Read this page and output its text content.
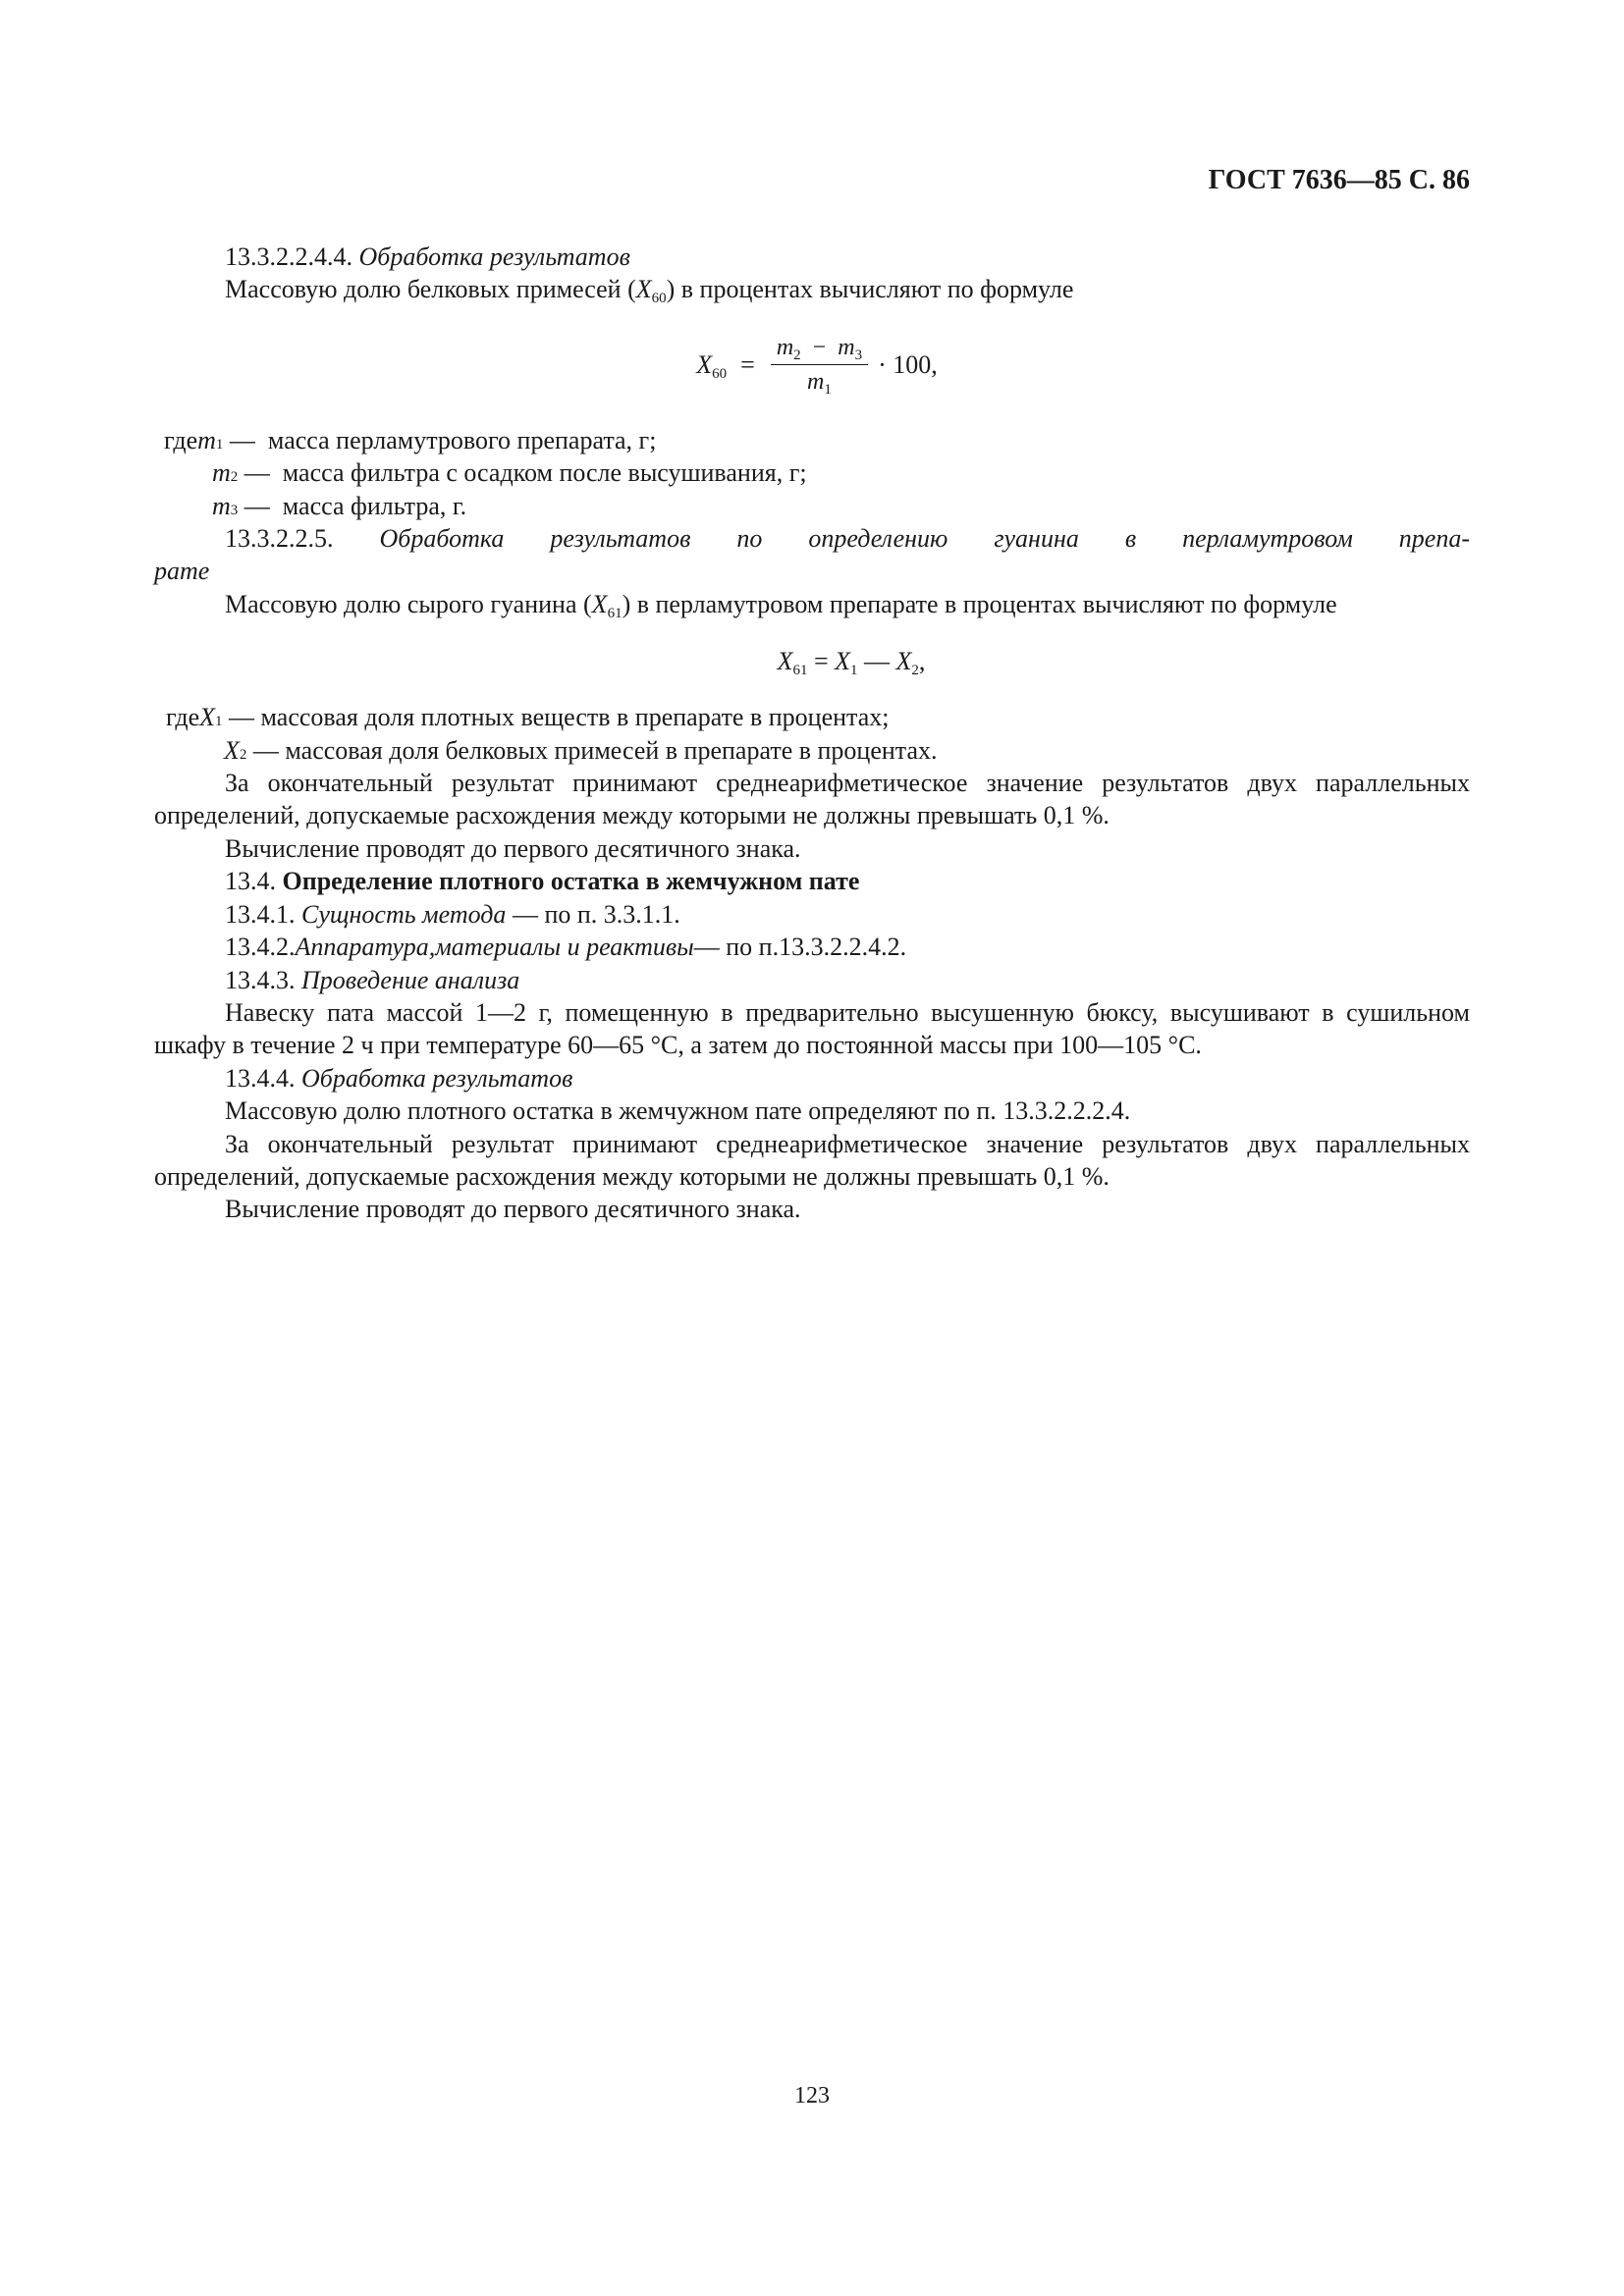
ГОСТ 7636—85 С. 86

13.3.2.2.4.4. Обработка результатов

Массовую долю белковых примесей $(X_{60})$ в процентах вычисляют по формуле

$X_{60} = \frac{m_2 - m_3}{m_1} \cdot 100$,
где m 1 —  масса перламутрового препарата, г;
m 2 —  масса фильтра с осадком после высушивания, г;
m 3 —  масса фильтра, г.

13.3.2.2.5. Обработка результатов по определению гуанина в перламутровом препа-

рате

Массовую долю сырого гуанина $(X_{61})$ в перламутровом препарате в процентах вычисляют по формуле

$X_{61} = X_1$ — $X_2$,
где X 1 — массовая доля плотных веществ в препарате в процентах;
X 2 — массовая доля белковых примесей в препарате в процентах.

За окончательный результат принимают среднеарифметическое значение результатов двух параллельных определений, допускаемые расхождения между которыми не должны превышать 0,1 %.

Вычисление проводят до первого десятичного знака.

13.4. Определение плотного остатка в жемчужном пате

13.4.1. Сущность метода — по п. 3.3.1.1.

13.4.2.Аппаратура,материалы и реактивы— по п.13.3.2.2.4.2.

13.4.3. Проведение анализа

Навеску пата массой 1—2 г, помещенную в предварительно высушенную бюксу, высушивают в сушильном шкафу в течение 2 ч при температуре 60—65 °С, а затем до постоянной массы при 100—105 °С.

13.4.4. Обработка результатов

Массовую долю плотного остатка в жемчужном пате определяют по п. 13.3.2.2.2.4.

За окончательный результат принимают среднеарифметическое значение результатов двух параллельных определений, допускаемые расхождения между которыми не должны превышать 0,1 %.

Вычисление проводят до первого десятичного знака.

123
